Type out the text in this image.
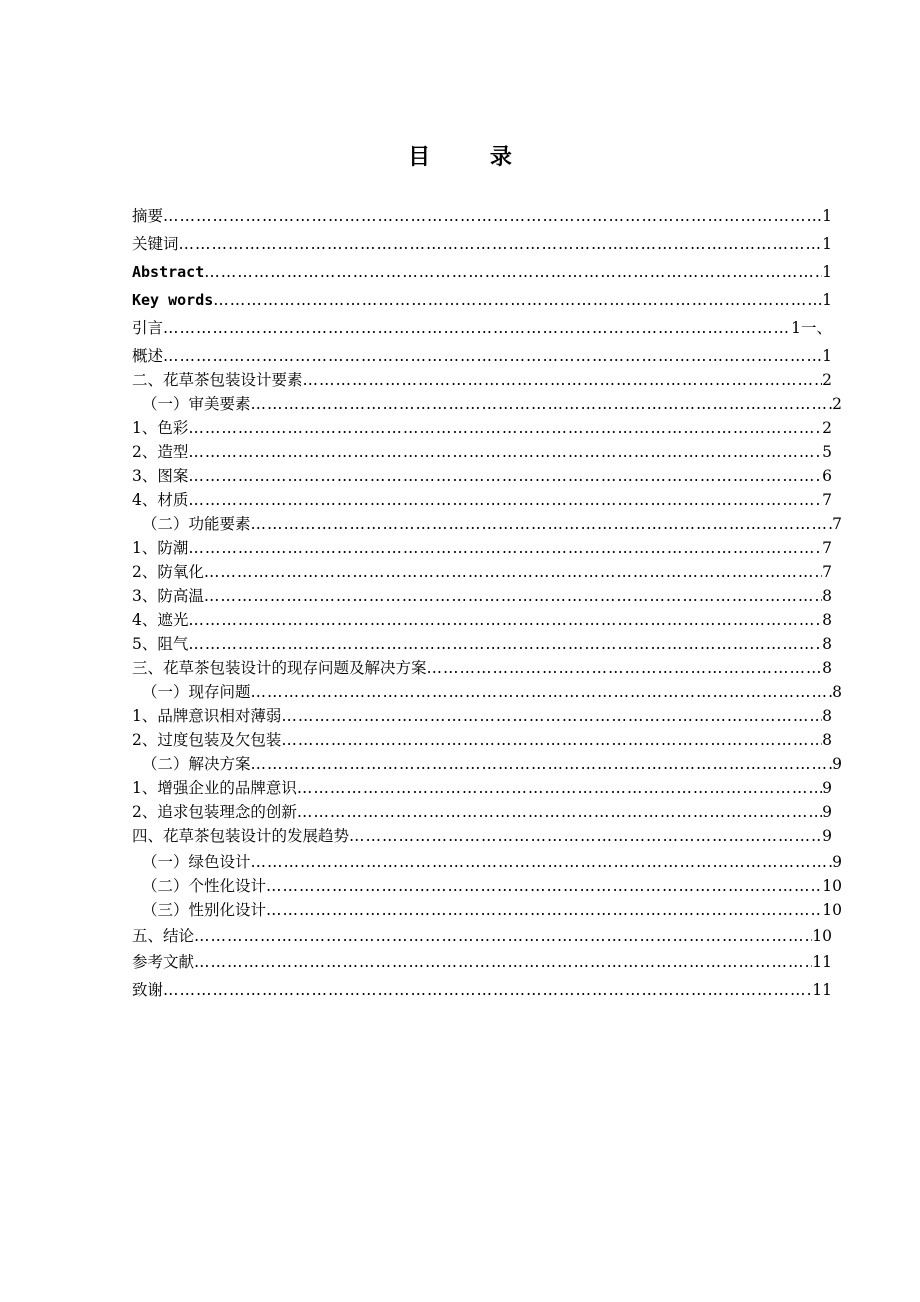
目 录
摘要 …………………………………………………………………………………………………………………………………………………………………………	1
关键词 …………………………………………………………………………………………………………………………………………………………………………	1
Abstract …………………………………………………………………………………………………………………………………………………………………………	1
Key words …………………………………………………………………………………………………………………………………………………………………………	1
引言 …………………………………………………………………………………………………………………………………………………………………………	1一、
概述 …………………………………………………………………………………………………………………………………………………………………………	1
二、花草茶包装设计要素 …………………………………………………………………………………………………………………………………………………………………………	2
（一）审美要素 …………………………………………………………………………………………………………………………………………………………………………	2
1、色彩 …………………………………………………………………………………………………………………………………………………………………………	2
2、造型 …………………………………………………………………………………………………………………………………………………………………………	5
3、图案 …………………………………………………………………………………………………………………………………………………………………………	6
4、材质 …………………………………………………………………………………………………………………………………………………………………………	7
（二）功能要素 …………………………………………………………………………………………………………………………………………………………………………	7
1、防潮 …………………………………………………………………………………………………………………………………………………………………………	7
2、防氧化 …………………………………………………………………………………………………………………………………………………………………………	7
3、防高温 …………………………………………………………………………………………………………………………………………………………………………	8
4、遮光 …………………………………………………………………………………………………………………………………………………………………………	8
5、阻气 …………………………………………………………………………………………………………………………………………………………………………	8
三、花草茶包装设计的现存问题及解决方案 …………………………………………………………………………………………………………………………………………………………………………	8
（一）现存问题 …………………………………………………………………………………………………………………………………………………………………………	8
1、品牌意识相对薄弱 …………………………………………………………………………………………………………………………………………………………………………	8
2、过度包装及欠包装 …………………………………………………………………………………………………………………………………………………………………………	8
（二）解决方案 …………………………………………………………………………………………………………………………………………………………………………	9
1、增强企业的品牌意识 …………………………………………………………………………………………………………………………………………………………………………	9
2、追求包装理念的创新 …………………………………………………………………………………………………………………………………………………………………………	9
四、花草茶包装设计的发展趋势 …………………………………………………………………………………………………………………………………………………………………………	9
（一）绿色设计 …………………………………………………………………………………………………………………………………………………………………………	9
（二）个性化设计 …………………………………………………………………………………………………………………………………………………………………………	10
（三）性别化设计 …………………………………………………………………………………………………………………………………………………………………………	10
五、结论 …………………………………………………………………………………………………………………………………………………………………………	10
参考文献 …………………………………………………………………………………………………………………………………………………………………………	11
致谢 …………………………………………………………………………………………………………………………………………………………………………	11
